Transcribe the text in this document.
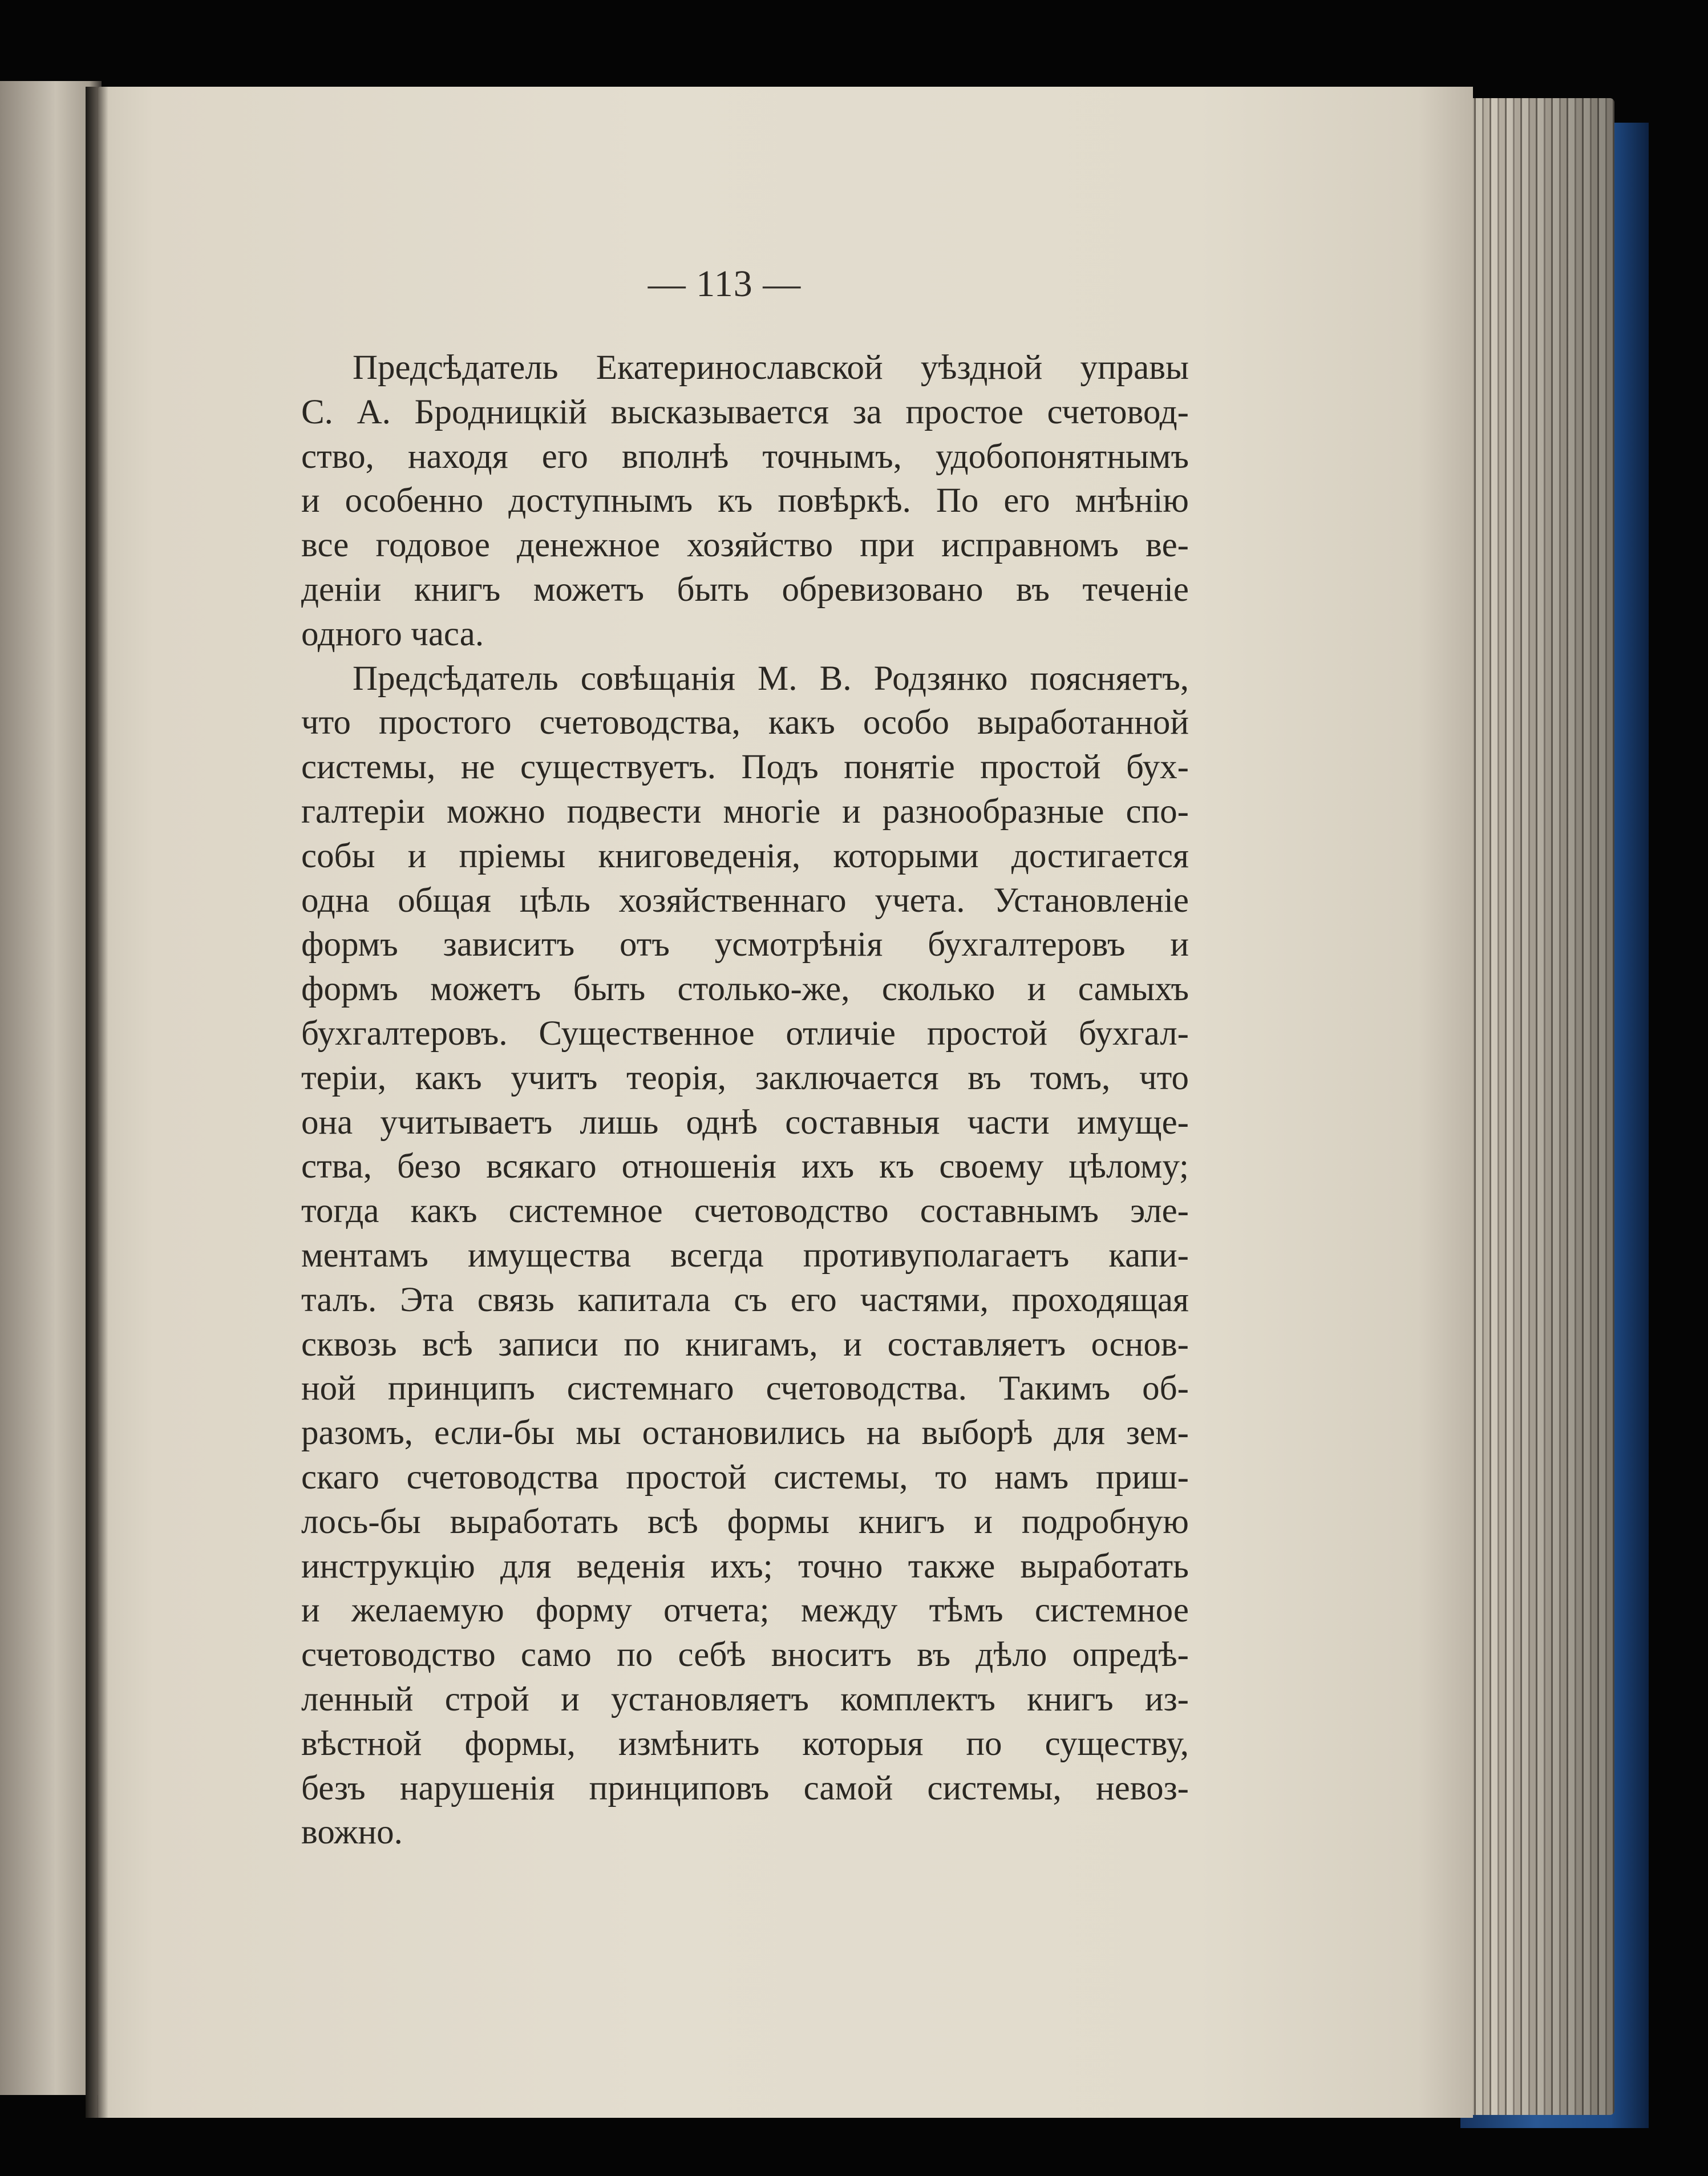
— 113 —
Предсѣдатель Екатеринославской уѣздной управы
С. А. Бродницкій высказывается за простое счетовод-
ство, находя его вполнѣ точнымъ, удобопонятнымъ
и особенно доступнымъ къ повѣркѣ. По его мнѣнію
все годовое денежное хозяйство при исправномъ ве-
деніи книгъ можетъ быть обревизовано въ теченіе
одного часа.
Предсѣдатель совѣщанія М. В. Родзянко поясняетъ,
что простого счетоводства, какъ особо выработанной
системы, не существуетъ. Подъ понятіе простой бух-
галтеріи можно подвести многіе и разнообразные спо-
собы и пріемы книговеденія, которыми достигается
одна общая цѣль хозяйственнаго учета. Установленіе
формъ зависитъ отъ усмотрѣнія бухгалтеровъ и
формъ можетъ быть столько-же, сколько и самыхъ
бухгалтеровъ. Существенное отличіе простой бухгал-
теріи, какъ учитъ теорія, заключается въ томъ, что
она учитываетъ лишь однѣ составныя части имуще-
ства, безо всякаго отношенія ихъ къ своему цѣлому;
тогда какъ системное счетоводство составнымъ эле-
ментамъ имущества всегда противуполагаетъ капи-
талъ. Эта связь капитала съ его частями, проходящая
сквозь всѣ записи по книгамъ, и составляетъ основ-
ной принципъ системнаго счетоводства. Такимъ об-
разомъ, если-бы мы остановились на выборѣ для зем-
скаго счетоводства простой системы, то намъ приш-
лось-бы выработать всѣ формы книгъ и подробную
инструкцію для веденія ихъ; точно также выработать
и желаемую форму отчета; между тѣмъ системное
счетоводство само по себѣ вноситъ въ дѣло опредѣ-
ленный строй и установляетъ комплектъ книгъ из-
вѣстной формы, измѣнить которыя по существу,
безъ нарушенія принциповъ самой системы, невоз-
вожно.
